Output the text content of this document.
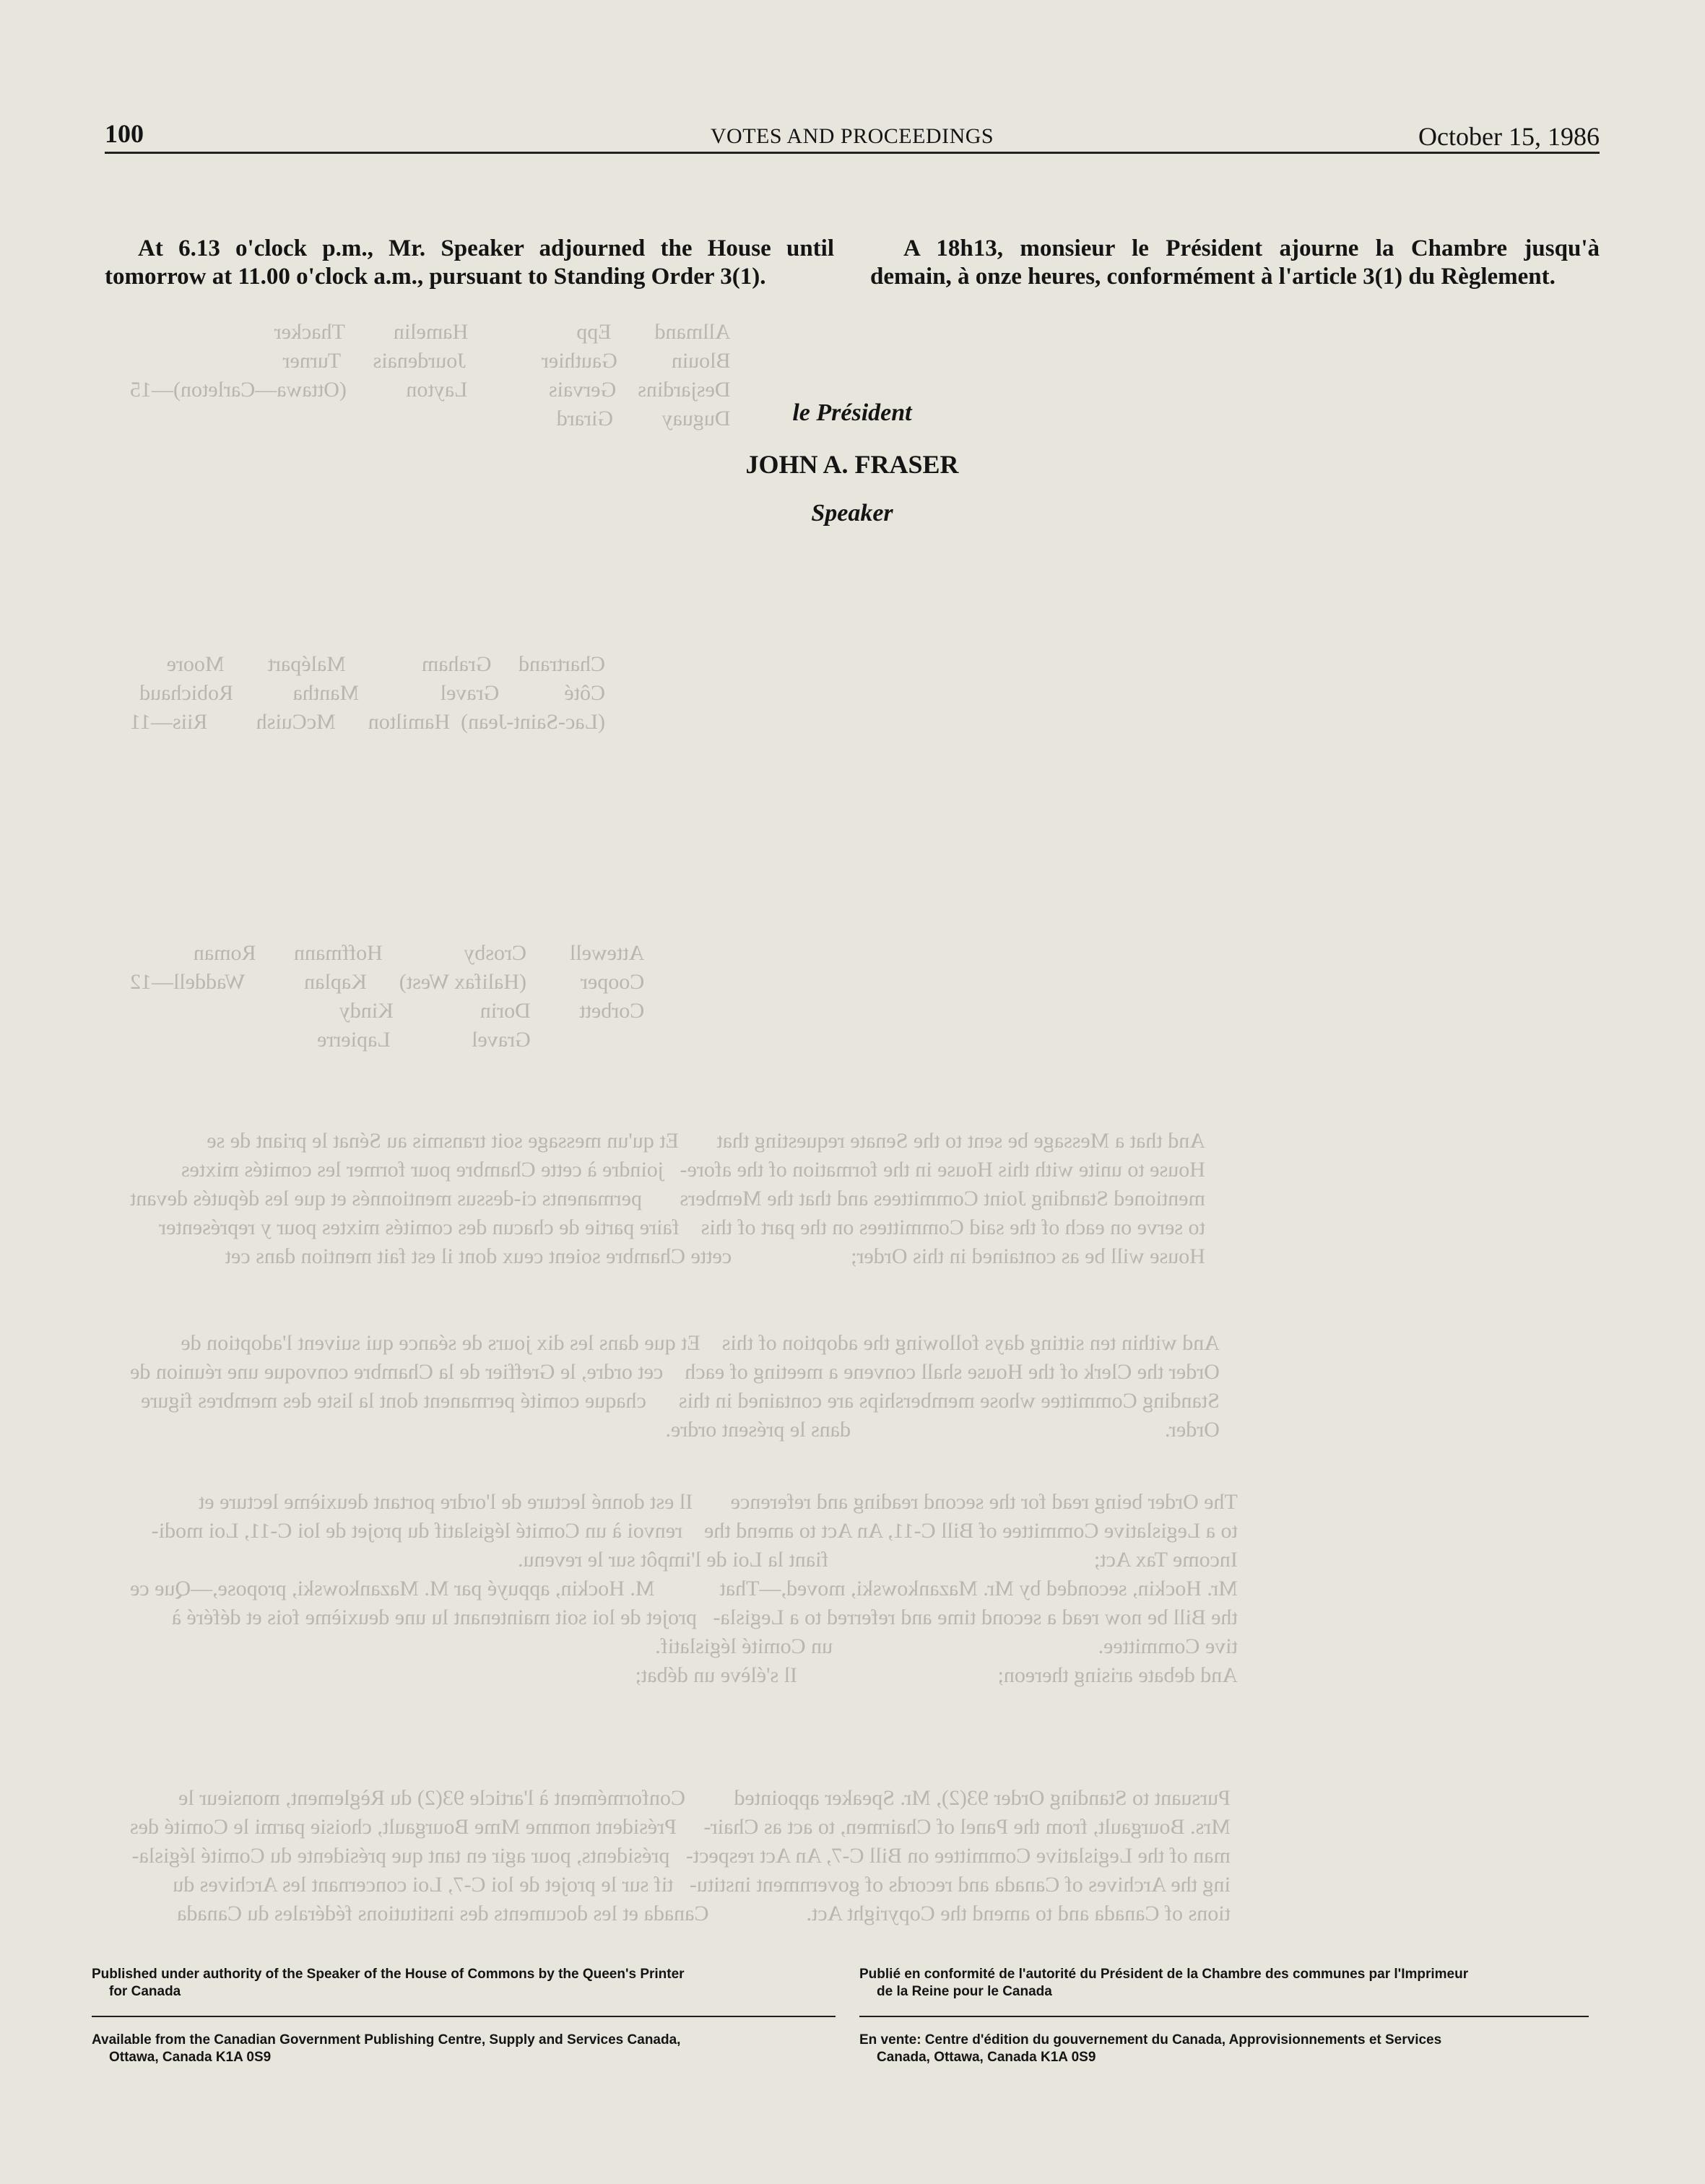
Allmand        Epp                    Hamelin         Thacker
Blouin          Gauthier              Jourdenais      Turner
Desjardins    Gervais               Layton           (Ottawa—Carleton)—15
Duguay         Girard
Chartrand     Graham              Malépart        Moore
Côté            Gravel               Mantha           Robichaud
(Lac-Saint-Jean)  Hamilton      McCuish         Riis—11
Attewell        Crosby               Hoffmann       Roman
Cooper          (Halifax West)      Kaplan           Waddell—12
Corbett         Dorin                Kindy
Gravel               Lapierre
And that a Message be sent to the Senate requesting that       Et qu'un message soit transmis au Sénat le priant de se
House to unite with this House in the formation of the afore-   joindre à cette Chambre pour former les comités mixtes
mentioned Standing Joint Committees and that the Members       permanents ci-dessus mentionnés et que les députés devant
to serve on each of the said Committees on the part of this    faire partie de chacun des comités mixtes pour y représenter
House will be as contained in this Order;                      cette Chambre soient ceux dont il est fait mention dans cet
And within ten sitting days following the adoption of this    Et que dans les dix jours de séance qui suivent l'adoption de
Order the Clerk of the House shall convene a meeting of each    cet ordre, le Greffier de la Chambre convoque une réunion de
Standing Committee whose memberships are contained in this      chaque comité permanent dont la liste des membres figure
Order.                                                          dans le présent ordre.
The Order being read for the second reading and reference       Il est donné lecture de l'ordre portant deuxième lecture et
to a Legislative Committee of Bill C-11, An Act to amend the    renvoi à un Comité législatif du projet de loi C-11, Loi modi-
Income Tax Act;                                                 fiant la Loi de l'impôt sur le revenu.
Mr. Hockin, seconded by Mr. Mazankowski, moved,—That            M. Hockin, appuyé par M. Mazankowski, propose,—Que ce
the Bill be now read a second time and referred to a Legisla-   projet de loi soit maintenant lu une deuxième fois et déféré à
tive Committee.                                                 un Comité législatif.
And debate arising thereon;                                     Il s'élève un débat;
Pursuant to Standing Order 93(2), Mr. Speaker appointed         Conformément à l'article 93(2) du Règlement, monsieur le
Mrs. Bourgault, from the Panel of Chairmen, to act as Chair-     Président nomme Mme Bourgault, choisie parmi le Comité des
man of the Legislative Committee on Bill C-7, An Act respect-   présidents, pour agir en tant que présidente du Comité législa-
ing the Archives of Canada and records of government institu-   tif sur le projet de loi C-7, Loi concernant les Archives du
tions of Canada and to amend the Copyright Act.                  Canada et les documents des institutions fédérales du Canada
100	VOTES AND PROCEEDINGS	October 15, 1986

At 6.13 o'clock p.m., Mr. Speaker adjourned the House until tomorrow at 11.00 o'clock a.m., pursuant to Standing Order 3(1).

A 18h13, monsieur le Président ajourne la Chambre jusqu'à demain, à onze heures, conformément à l'article 3(1) du Règlement.

le Président

JOHN A. FRASER

Speaker

Published under authority of the Speaker of the House of Commons by the Queen's Printer
for Canada
Publié en conformité de l'autorité du Président de la Chambre des communes par l'Imprimeur
de la Reine pour le Canada
Available from the Canadian Government Publishing Centre, Supply and Services Canada,
Ottawa, Canada K1A 0S9
En vente: Centre d'édition du gouvernement du Canada, Approvisionnements et Services
Canada, Ottawa, Canada K1A 0S9
